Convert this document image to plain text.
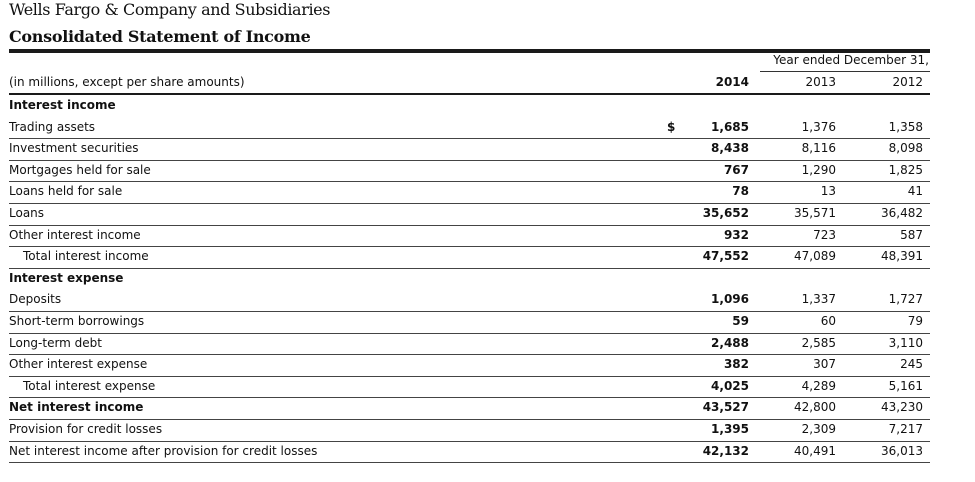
Wells Fargo & Company and Subsidiaries
Consolidated Statement of Income
Year ended December 31,
(in millions, except per share amounts)	2014	2013	2012
Interest income
Trading assets	$	1,685	1,376	1,358
Investment securities	8,438	8,116	8,098
Mortgages held for sale	767	1,290	1,825
Loans held for sale	78	13	41
Loans	35,652	35,571	36,482
Other interest income	932	723	587
Total interest income	47,552	47,089	48,391
Interest expense
Deposits	1,096	1,337	1,727
Short-term borrowings	59	60	79
Long-term debt	2,488	2,585	3,110
Other interest expense	382	307	245
Total interest expense	4,025	4,289	5,161
Net interest income	43,527	42,800	43,230
Provision for credit losses	1,395	2,309	7,217
Net interest income after provision for credit losses	42,132	40,491	36,013
